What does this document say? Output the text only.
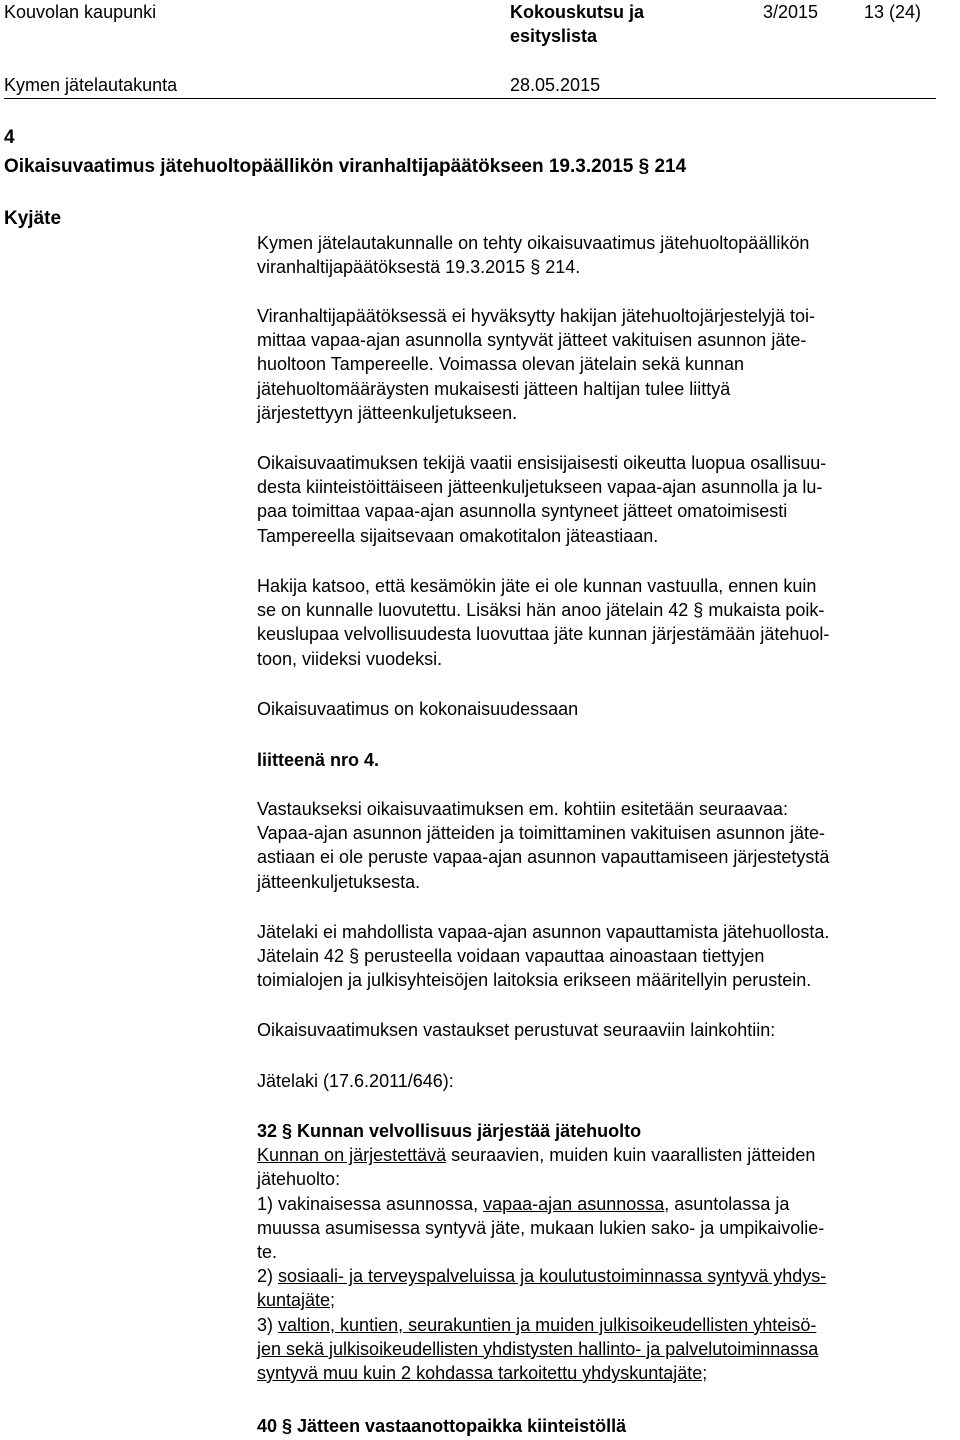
Kouvolan kaupunki	Kokouskutsu ja
esityslista
3/2015	13 (24)
Kymen jätelautakunta	28.05.2015
4
Oikaisuvaatimus jätehuoltopäällikön viranhaltijapäätökseen 19.3.2015 § 214
Kyjäte

Kymen jätelautakunnalle on tehty oikaisuvaatimus jätehuoltopäällikön

viranhaltijapäätöksestä 19.3.2015 § 214.

Viranhaltijapäätöksessä ei hyväksytty hakijan jätehuoltojärjestelyjä toi-

mittaa vapaa-ajan asunnolla syntyvät jätteet vakituisen asunnon jäte-

huoltoon Tampereelle. Voimassa olevan jätelain sekä kunnan

jätehuoltomääräysten mukaisesti jätteen haltijan tulee liittyä

järjestettyyn jätteenkuljetukseen.

Oikaisuvaatimuksen tekijä vaatii ensisijaisesti oikeutta luopua osallisuu-

desta kiinteistöittäiseen jätteenkuljetukseen vapaa-ajan asunnolla ja lu-

paa toimittaa vapaa-ajan asunnolla syntyneet jätteet omatoimisesti

Tampereella sijaitsevaan omakotitalon jäteastiaan.

Hakija katsoo, että kesämökin jäte ei ole kunnan vastuulla, ennen kuin

se on kunnalle luovutettu. Lisäksi hän anoo jätelain 42 § mukaista poik-

keuslupaa velvollisuudesta luovuttaa jäte kunnan järjestämään jätehuol-

toon, viideksi vuodeksi.

Oikaisuvaatimus on kokonaisuudessaan

liitteenä nro 4.

Vastaukseksi oikaisuvaatimuksen em. kohtiin esitetään seuraavaa:

Vapaa-ajan asunnon jätteiden ja toimittaminen vakituisen asunnon jäte-

astiaan ei ole peruste vapaa-ajan asunnon vapauttamiseen järjestetystä

jätteenkuljetuksesta.

Jätelaki ei mahdollista vapaa-ajan asunnon vapauttamista jätehuollosta.

Jätelain 42 § perusteella voidaan vapauttaa ainoastaan tiettyjen

toimialojen ja julkisyhteisöjen laitoksia erikseen määritellyin perustein.

Oikaisuvaatimuksen vastaukset perustuvat seuraaviin lainkohtiin:

Jätelaki (17.6.2011/646):

32 § Kunnan velvollisuus järjestää jätehuolto

Kunnan on järjestettävä seuraavien, muiden kuin vaarallisten jätteiden

jätehuolto:

1) vakinaisessa asunnossa, vapaa-ajan asunnossa, asuntolassa ja

muussa asumisessa syntyvä jäte, mukaan lukien sako- ja umpikaivolie-

te.

2) sosiaali- ja terveyspalveluissa ja koulutustoiminnassa syntyvä yhdys-

kuntajäte;

3) valtion, kuntien, seurakuntien ja muiden julkisoikeudellisten yhteisö-

jen sekä julkisoikeudellisten yhdistysten hallinto- ja palvelutoiminnassa

syntyvä muu kuin 2 kohdassa tarkoitettu yhdyskuntajäte;

40 § Jätteen vastaanottopaikka kiinteistöllä
